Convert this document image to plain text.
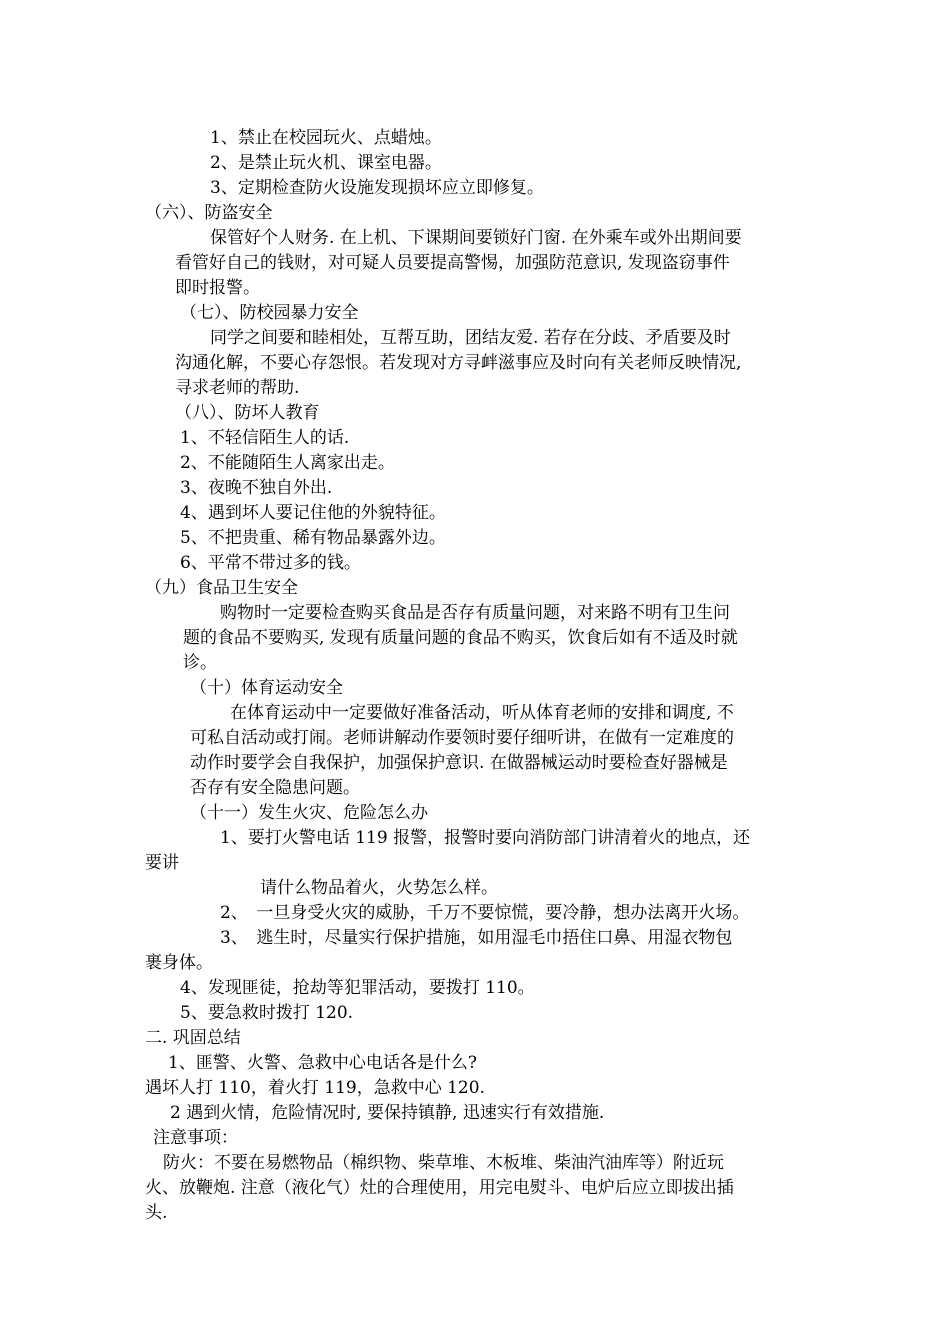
1、禁止在校园玩火、点蜡烛。
2、是禁止玩火机、课室电器。
3、定期检查防火设施发现损坏应立即修复。
（六）、防盗安全
保管好个人财务. 在上机、下课期间要锁好门窗. 在外乘车或外出期间要
看管好自己的钱财，对可疑人员要提高警惕，加强防范意识, 发现盗窃事件
即时报警。
（七）、防校园暴力安全
同学之间要和睦相处，互帮互助，团结友爱. 若存在分歧、矛盾要及时
沟通化解，不要心存怨恨。若发现对方寻衅滋事应及时向有关老师反映情况,
寻求老师的帮助.
（八）、防坏人教育
1、不轻信陌生人的话.
2、不能随陌生人离家出走。
3、夜晚不独自外出.
4、遇到坏人要记住他的外貌特征。
5、不把贵重、稀有物品暴露外边。
6、平常不带过多的钱。
（九）食品卫生安全
购物时一定要检查购买食品是否存有质量问题，对来路不明有卫生问
题的食品不要购买, 发现有质量问题的食品不购买，饮食后如有不适及时就
诊。
（十）体育运动安全
在体育运动中一定要做好准备活动，听从体育老师的安排和调度, 不
可私自活动或打闹。老师讲解动作要领时要仔细听讲，在做有一定难度的
动作时要学会自我保护，加强保护意识. 在做器械运动时要检查好器械是
否存有安全隐患问题。
（十一）发生火灾、危险怎么办
1、要打火警电话 119 报警，报警时要向消防部门讲清着火的地点，还
要讲
请什么物品着火，火势怎么样。
2、　一旦身受火灾的威胁，千万不要惊慌，要冷静，想办法离开火场。
3、　逃生时，尽量实行保护措施，如用湿毛巾捂住口鼻、用湿衣物包
裹身体。
4、发现匪徒，抢劫等犯罪活动，要拨打 110。
5、要急救时拨打 120.
二. 巩固总结
1、匪警、火警、急救中心电话各是什么?
遇坏人打 110，着火打 119，急救中心 120.
2 遇到火情，危险情况时, 要保持镇静, 迅速实行有效措施.
注意事项：
防火：不要在易燃物品（棉织物、柴草堆、木板堆、柴油汽油库等）附近玩
火、放鞭炮. 注意（液化气）灶的合理使用，用完电熨斗、电炉后应立即拔出插
头.
